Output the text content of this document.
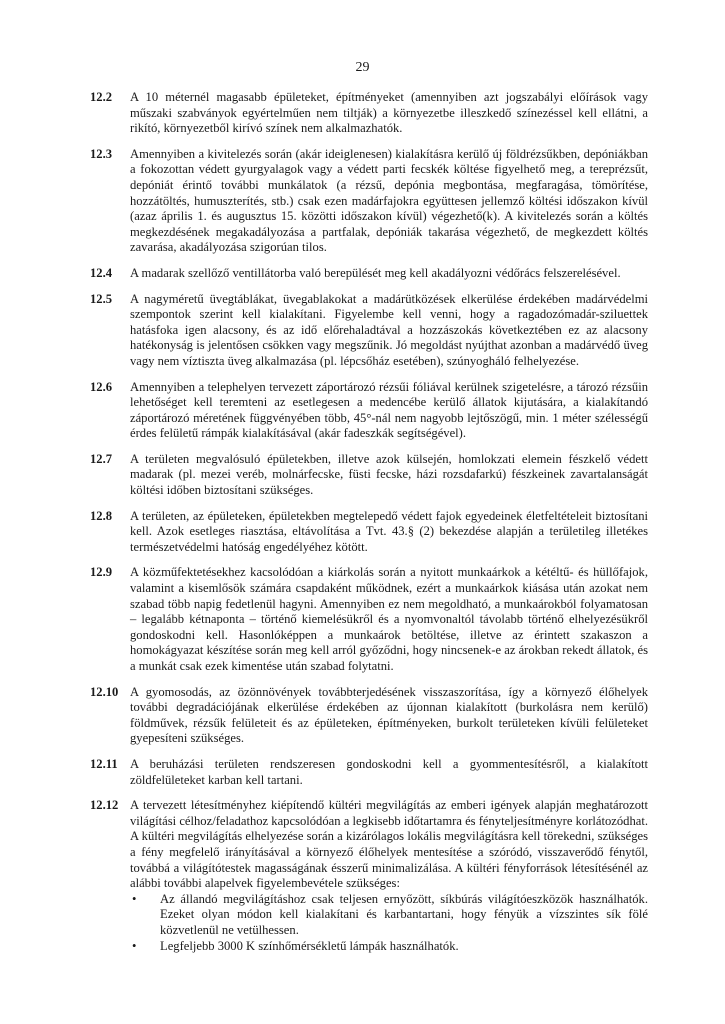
29
12.2	A 10 méternél magasabb épületeket, építményeket (amennyiben azt jogszabályi előírások vagy műszaki szabványok egyértelműen nem tiltják) a környezetbe illeszkedő színezéssel kell ellátni, a rikító, környezetből kirívó színek nem alkalmazhatók.
12.3	Amennyiben a kivitelezés során (akár ideiglenesen) kialakításra kerülő új földrézsűkben, depóniákban a fokozottan védett gyurgyalagok vagy a védett parti fecskék költése figyelhető meg, a tereprézsűt, depóniát érintő további munkálatok (a rézsű, depónia megbontása, megfaragása, tömörítése, hozzátöltés, humuszterítés, stb.) csak ezen madárfajokra együttesen jellemző költési időszakon kívül (azaz április 1. és augusztus 15. közötti időszakon kívül) végezhető(k). A kivitelezés során a költés megkezdésének megakadályozása a partfalak, depóniák takarása végezhető, de megkezdett költés zavarása, akadályozása szigorúan tilos.
12.4	A madarak szellőző ventillátorba való berepülését meg kell akadályozni védőrács felszerelésével.
12.5	A nagyméretű üvegtáblákat, üvegablakokat a madárütközések elkerülése érdekében madárvédelmi szempontok szerint kell kialakítani. Figyelembe kell venni, hogy a ragadozómadár-sziluettek hatásfoka igen alacsony, és az idő előrehaladtával a hozzászokás következtében ez az alacsony hatékonyság is jelentősen csökken vagy megszűnik. Jó megoldást nyújthat azonban a madárvédő üveg vagy nem víztiszta üveg alkalmazása (pl. lépcsőház esetében), szúnyogháló felhelyezése.
12.6	Amennyiben a telephelyen tervezett záportározó rézsűi fóliával kerülnek szigetelésre, a tározó rézsűin lehetőséget kell teremteni az esetlegesen a medencébe kerülő állatok kijutására, a kialakítandó záportározó méretének függvényében több, 45°-nál nem nagyobb lejtőszögű, min. 1 méter szélességű érdes felületű rámpák kialakításával (akár fadeszkák segítségével).
12.7	A területen megvalósuló épületekben, illetve azok külsején, homlokzati elemein fészkelő védett madarak (pl. mezei veréb, molnárfecske, füsti fecske, házi rozsdafarkú) fészkeinek zavartalanságát költési időben biztosítani szükséges.
12.8	A területen, az épületeken, épületekben megtelepedő védett fajok egyedeinek életfeltételeit biztosítani kell. Azok esetleges riasztása, eltávolítása a Tvt. 43.§ (2) bekezdése alapján a területileg illetékes természetvédelmi hatóság engedélyéhez kötött.
12.9	A közműfektetésekhez kacsolódóan a kiárkolás során a nyitott munkaárkok a kétéltű- és hüllőfajok, valamint a kisemlősök számára csapdaként működnek, ezért a munkaárkok kiásása után azokat nem szabad több napig fedetlenül hagyni. Amennyiben ez nem megoldható, a munkaárokból folyamatosan – legalább kétnaponta – történő kiemelésükről és a nyomvonaltól távolabb történő elhelyezésükről gondoskodni kell. Hasonlóképpen a munkaárok betöltése, illetve az érintett szakaszon a homokágyazat készítése során meg kell arról győződni, hogy nincsenek-e az árokban rekedt állatok, és a munkát csak ezek kimentése után szabad folytatni.
12.10 A gyomosodás, az özönnövények továbbterjedésének visszaszorítása, így a környező élőhelyek további degradációjának elkerülése érdekében az újonnan kialakított (burkolásra nem kerülő) földművek, rézsűk felületeit és az épületeken, építményeken, burkolt területeken kívüli felületeket gyepesíteni szükséges.
12.11 A beruházási területen rendszeresen gondoskodni kell a gyommentesítésről, a kialakított zöldfelületeket karban kell tartani.
12.12 A tervezett létesítményhez kiépítendő kültéri megvilágítás az emberi igények alapján meghatározott világítási célhoz/feladathoz kapcsolódóan a legkisebb időtartamra és fényteljesítményre korlátozódhat. A kültéri megvilágítás elhelyezése során a kizárólagos lokális megvilágításra kell törekedni, szükséges a fény megfelelő irányításával a környező élőhelyek mentesítése a szóródó, visszaverődő fénytől, továbbá a világítótestek magasságának ésszerű minimalizálása. A kültéri fényforrások létesítésénél az alábbi további alapelvek figyelembevétele szükséges:
•	Az állandó megvilágításhoz csak teljesen ernyőzött, síkbúrás világítóeszközök használhatók. Ezeket olyan módon kell kialakítani és karbantartani, hogy fényük a vízszintes sík fölé közvetlenül ne vetülhessen.
•	Legfeljebb 3000 K színhőmérsékletű lámpák használhatók.
